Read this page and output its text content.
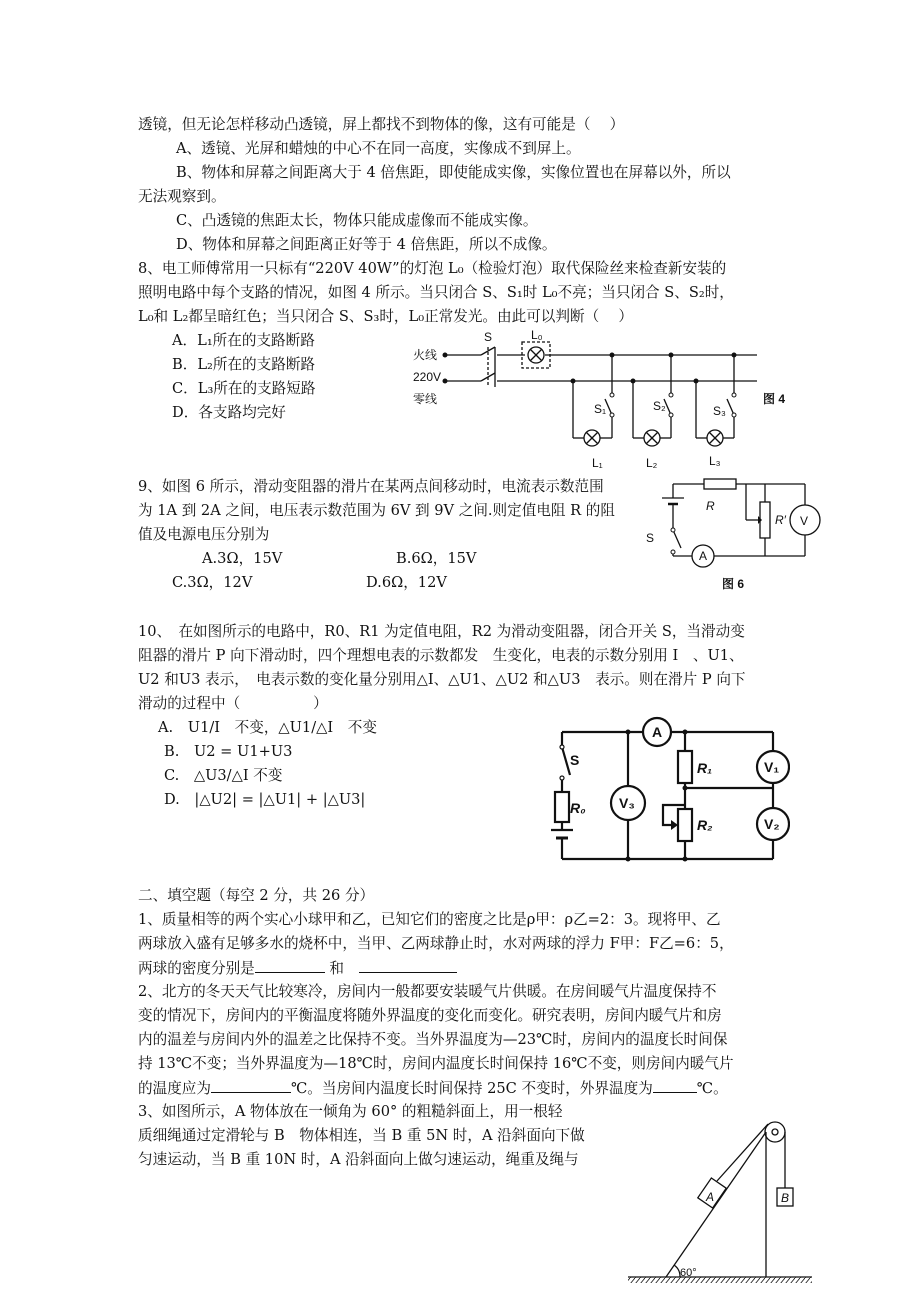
透镜，但无论怎样移动凸透镜，屏上都找不到物体的像，这有可能是（　 ）
A、透镜、光屏和蜡烛的中心不在同一高度，实像成不到屏上。
B、物体和屏幕之间距离大于 4 倍焦距，即使能成实像，实像位置也在屏幕以外，所以
无法观察到。
C、凸透镜的焦距太长，物体只能成虚像而不能成实像。
D、物体和屏幕之间距离正好等于 4 倍焦距，所以不成像。
8、电工师傅常用一只标有“220V 40W”的灯泡 L₀（检验灯泡）取代保险丝来检查新安装的
照明电路中每个支路的情况，如图 4 所示。当只闭合 S、S₁时 L₀不亮；当只闭合 S、S₂时，
L₀和 L₂都呈暗红色；当只闭合 S、S₃时，L₀正常发光。由此可以判断（　 ）
A．L₁所在的支路断路
B．L₂所在的支路断路
C．L₃所在的支路短路
D．各支路均完好
火线
220V
零线
S	L₀
S₁	S₂	S₃
L₁	L₂	L₃
图 4
9、如图 6 所示，滑动变阻器的滑片在某两点间移动时，电流表示数范围
为 1A 到 2A 之间，电压表示数范围为 6V 到 9V 之间.则定值电阻 R 的阻
值及电源电压分别为
A.3Ω，15V	B.6Ω，15V
C.3Ω，12V	D.6Ω，12V
R
R′ V
A
S
图 6
10、　在如图所示的电路中，R0、R1 为定值电阻，R2 为滑动变阻器，闭合开关 S，当滑动变
阻器的滑片 P 向下滑动时，四个理想电表的示数都发　生变化，电表的示数分别用 I　、U1、
U2 和U3 表示，　电表示数的变化量分别用△I、△U1、△U2 和△U3　表示。则在滑片 P 向下
滑动的过程中（　　　　　）
A.　U1/I　不变，△U1/△I　不变
B.　U2 = U1+U3
C.　△U3/△I 不变
D.　|△U2| = |△U1| + |△U3|
A
S
R₀ V₃
R₁
R₂
V₁
V₂
二、填空题（每空 2 分，共 26 分）
1、质量相等的两个实心小球甲和乙，已知它们的密度之比是ρ甲：ρ乙=2：3。现将甲、乙
两球放入盛有足够多水的烧杯中，当甲、乙两球静止时，水对两球的浮力 F甲：F乙=6：5，
两球的密度分别是	和　
2、北方的冬天天气比较寒冷，房间内一般都要安装暖气片供暖。在房间暖气片温度保持不
变的情况下，房间内的平衡温度将随外界温度的变化而变化。研究表明，房间内暖气片和房
内的温差与房间内外的温差之比保持不变。当外界温度为—23℃时，房间内的温度长时间保
持 13℃不变；当外界温度为—18℃时，房间内温度长时间保持 16℃不变，则房间内暖气片
的温度应为	℃。当房间内温度长时间保持 25C 不变时，外界温度为	℃。
3、如图所示，A 物体放在一倾角为 60° 的粗糙斜面上，用一根轻
质细绳通过定滑轮与 B　物体相连，当 B 重 5N 时，A 沿斜面向下做
匀速运动，当 B 重 10N 时，A 沿斜面向上做匀速运动，绳重及绳与
A	B
60°
